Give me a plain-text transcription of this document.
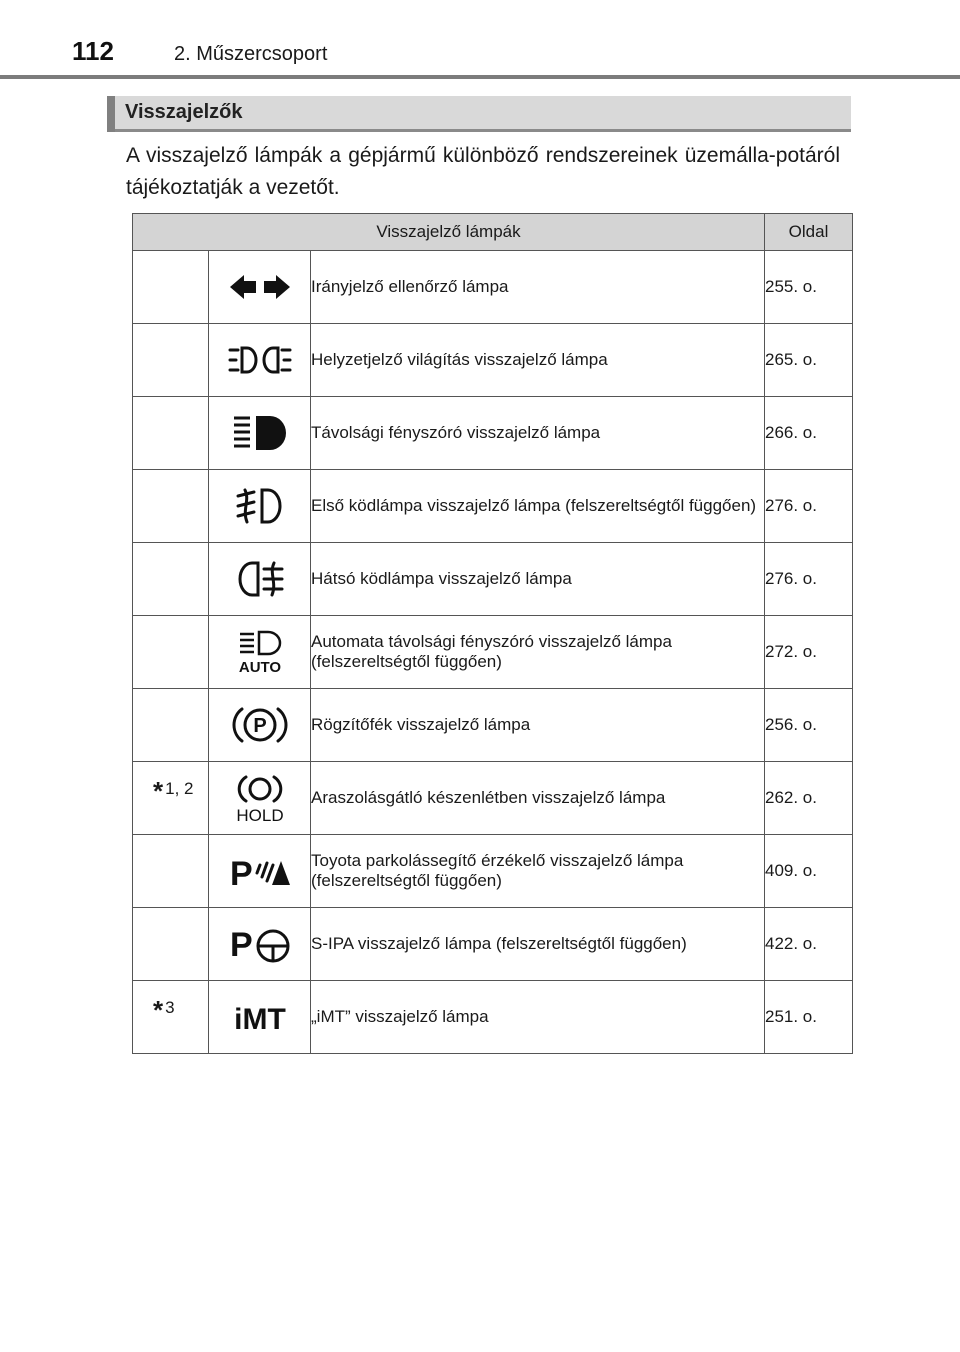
112	2. Műszercsoport
Visszajelzők
A visszajelző lámpák a gépjármű különböző rendszereinek üzemálla-potáról tájékoztatják a vezetőt.
Visszajelző lámpák			Oldal

	Irányjelző ellenőrző lámpa	255. o.

	Helyzetjelző világítás visszajelző lámpa	265. o.

	Távolsági fényszóró visszajelző lámpa	266. o.

	Első ködlámpa visszajelző lámpa (felszereltségtől függően)	276. o.

	Hátsó ködlámpa visszajelző lámpa	276. o.

AUTO	Automata távolsági fényszóró visszajelző lámpa (felszereltségtől függően)	272. o.

P	Rögzítőfék visszajelző lámpa	256. o.

* 1, 2	HOLD	Araszolásgátló készenlétben visszajelző lámpa	262. o.

P	Toyota parkolássegítő érzékelő visszajelző lámpa (felszereltségtől függően)	409. o.

P	S-IPA visszajelző lámpa (felszereltségtől függően)	422. o.

* 3	iMT	„iMT” visszajelző lámpa	251. o.
